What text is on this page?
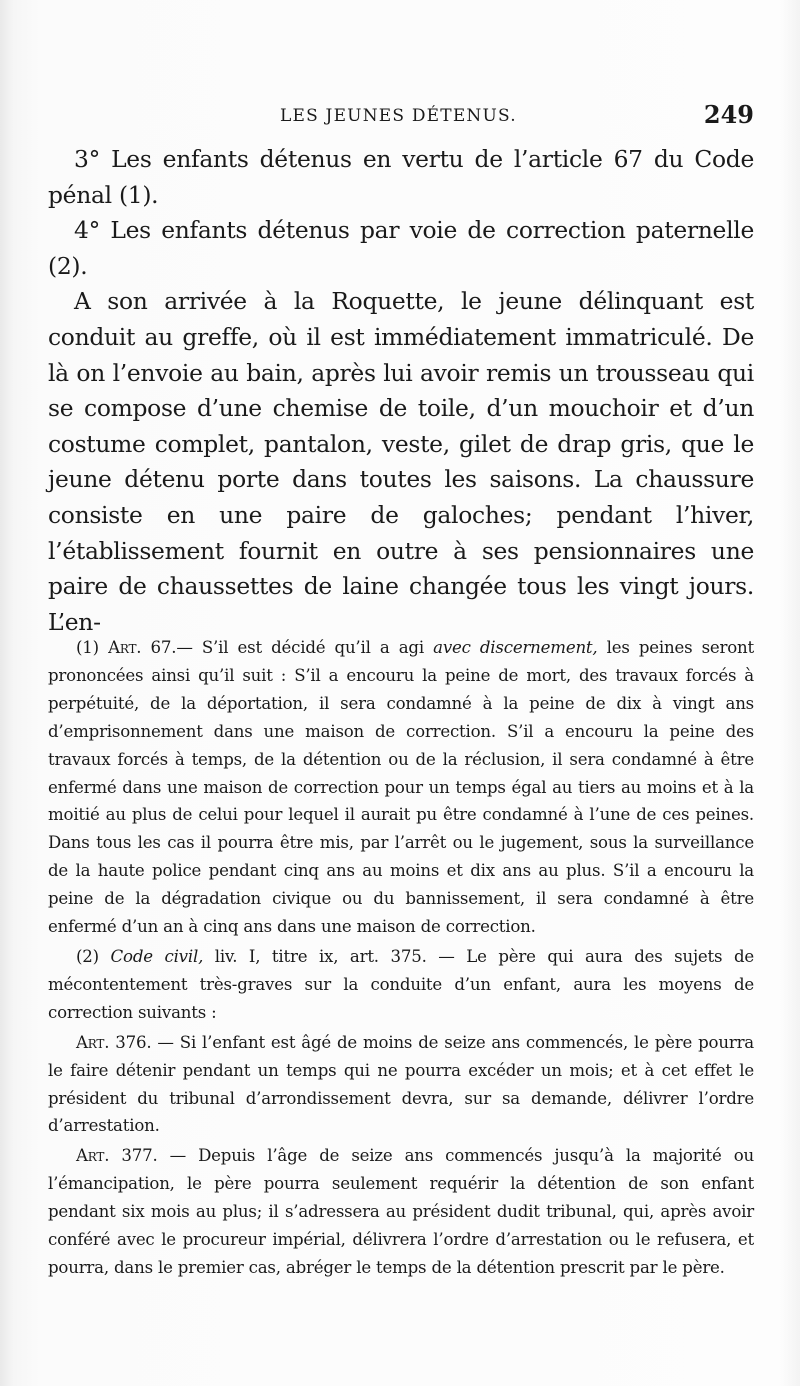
LES JEUNES DÉTENUS.	249

3° Les enfants détenus en vertu de l’article 67 du Code pénal (1).

4° Les enfants détenus par voie de correction paternelle (2).

A son arrivée à la Roquette, le jeune délinquant est conduit au greffe, où il est immédiatement immatriculé. De là on l’envoie au bain, après lui avoir remis un trousseau qui se compose d’une chemise de toile, d’un mouchoir et d’un costume complet, pantalon, veste, gilet de drap gris, que le jeune détenu porte dans toutes les saisons. La chaussure consiste en une paire de galoches; pendant l’hiver, l’établissement fournit en outre à ses pensionnaires une paire de chaussettes de laine changée tous les vingt jours. L’en-

(1) Art. 67.— S’il est décidé qu’il a agi avec discernement, les peines seront prononcées ainsi qu’il suit : S’il a encouru la peine de mort, des travaux forcés à perpétuité, de la déportation, il sera condamné à la peine de dix à vingt ans d’emprisonnement dans une maison de correction. S’il a encouru la peine des travaux forcés à temps, de la détention ou de la réclusion, il sera condamné à être enfermé dans une maison de correction pour un temps égal au tiers au moins et à la moitié au plus de celui pour lequel il aurait pu être condamné à l’une de ces peines. Dans tous les cas il pourra être mis, par l’arrêt ou le jugement, sous la surveillance de la haute police pendant cinq ans au moins et dix ans au plus. S’il a encouru la peine de la dégradation civique ou du bannissement, il sera condamné à être enfermé d’un an à cinq ans dans une maison de correction.

(2) Code civil, liv. I, titre ix, art. 375. — Le père qui aura des sujets de mécontentement très-graves sur la conduite d’un enfant, aura les moyens de correction suivants :

Art. 376. — Si l’enfant est âgé de moins de seize ans commencés, le père pourra le faire détenir pendant un temps qui ne pourra excéder un mois; et à cet effet le président du tribunal d’arrondissement devra, sur sa demande, délivrer l’ordre d’arrestation.

Art. 377. — Depuis l’âge de seize ans commencés jusqu’à la majorité ou l’émancipation, le père pourra seulement requérir la détention de son enfant pendant six mois au plus; il s’adressera au président dudit tribunal, qui, après avoir conféré avec le procureur impérial, délivrera l’ordre d’arrestation ou le refusera, et pourra, dans le premier cas, abréger le temps de la détention prescrit par le père.
